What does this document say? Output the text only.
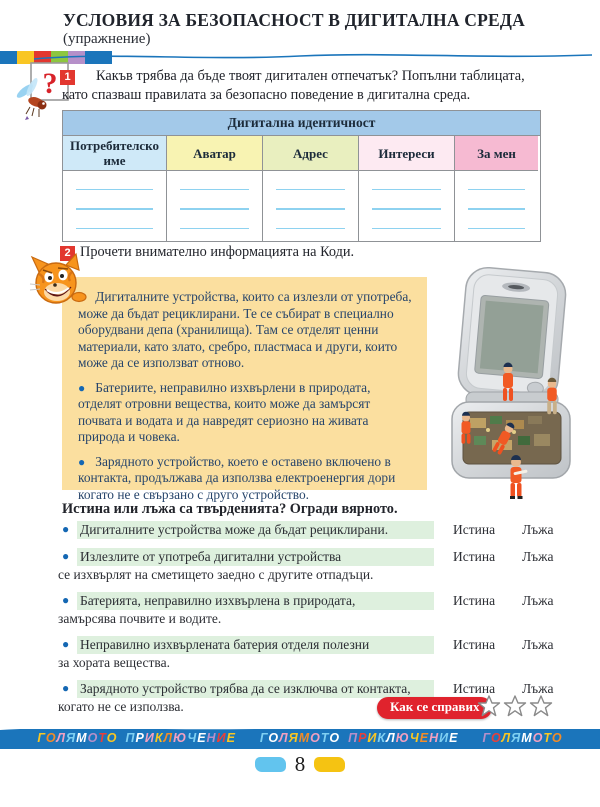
УСЛОВИЯ ЗА БЕЗОПАСНОСТ В ДИГИТАЛНА СРЕДА
(упражнение)
? 1	Какъв трябва да бъде твоят дигитален отпечатък? Попълни таблицата, като спазваш правилата за безопасно поведение в дигитална среда.
Дигитална идентичност
Потребителско име	Аватар	Адрес	Интереси	За мен
2 Прочети внимателно информацията на Коди.

Дигиталните устройства, които са излезли от употреба, може да бъдат рециклирани. Те се събират в специално оборудвани депа (хранилища). Там се отделят ценни материали, като злато, сребро, пластмаса и други, които може да се използват отново.

● Батериите, неправилно изхвърлени в природата, отделят отровни вещества, които може да замърсят почвата и водата и да навредят сериозно на живата природа и човека.

● Зарядното устройство, което е оставено включено в контакта, продължава да използва електроенергия дори когато не е свързано с друго устройство.

Истина или лъжа са твърденията? Огради вярното.
● Дигиталните устройства може да бъдат рециклирани.	Истина Лъжа
● Излезлите от употреба дигитални устройства	Истина Лъжа
се изхвърлят на сметището заедно с другите отпадъци.
● Батерията, неправилно изхвърлена в природата,	Истина Лъжа
замърсява почвите и водите.
● Неправилно изхвърлената батерия отделя полезни	Истина Лъжа
за хората вещества.
● Зарядното устройство трябва да се изключва от контакта,	Истина Лъжа
когато не се използва.	Как се справих
ГОЛЯМОТО ПРИКЛЮЧЕНИЕ ГОЛЯМОТО ПРИКЛЮЧЕНИЕ ГОЛЯМОТО
8
